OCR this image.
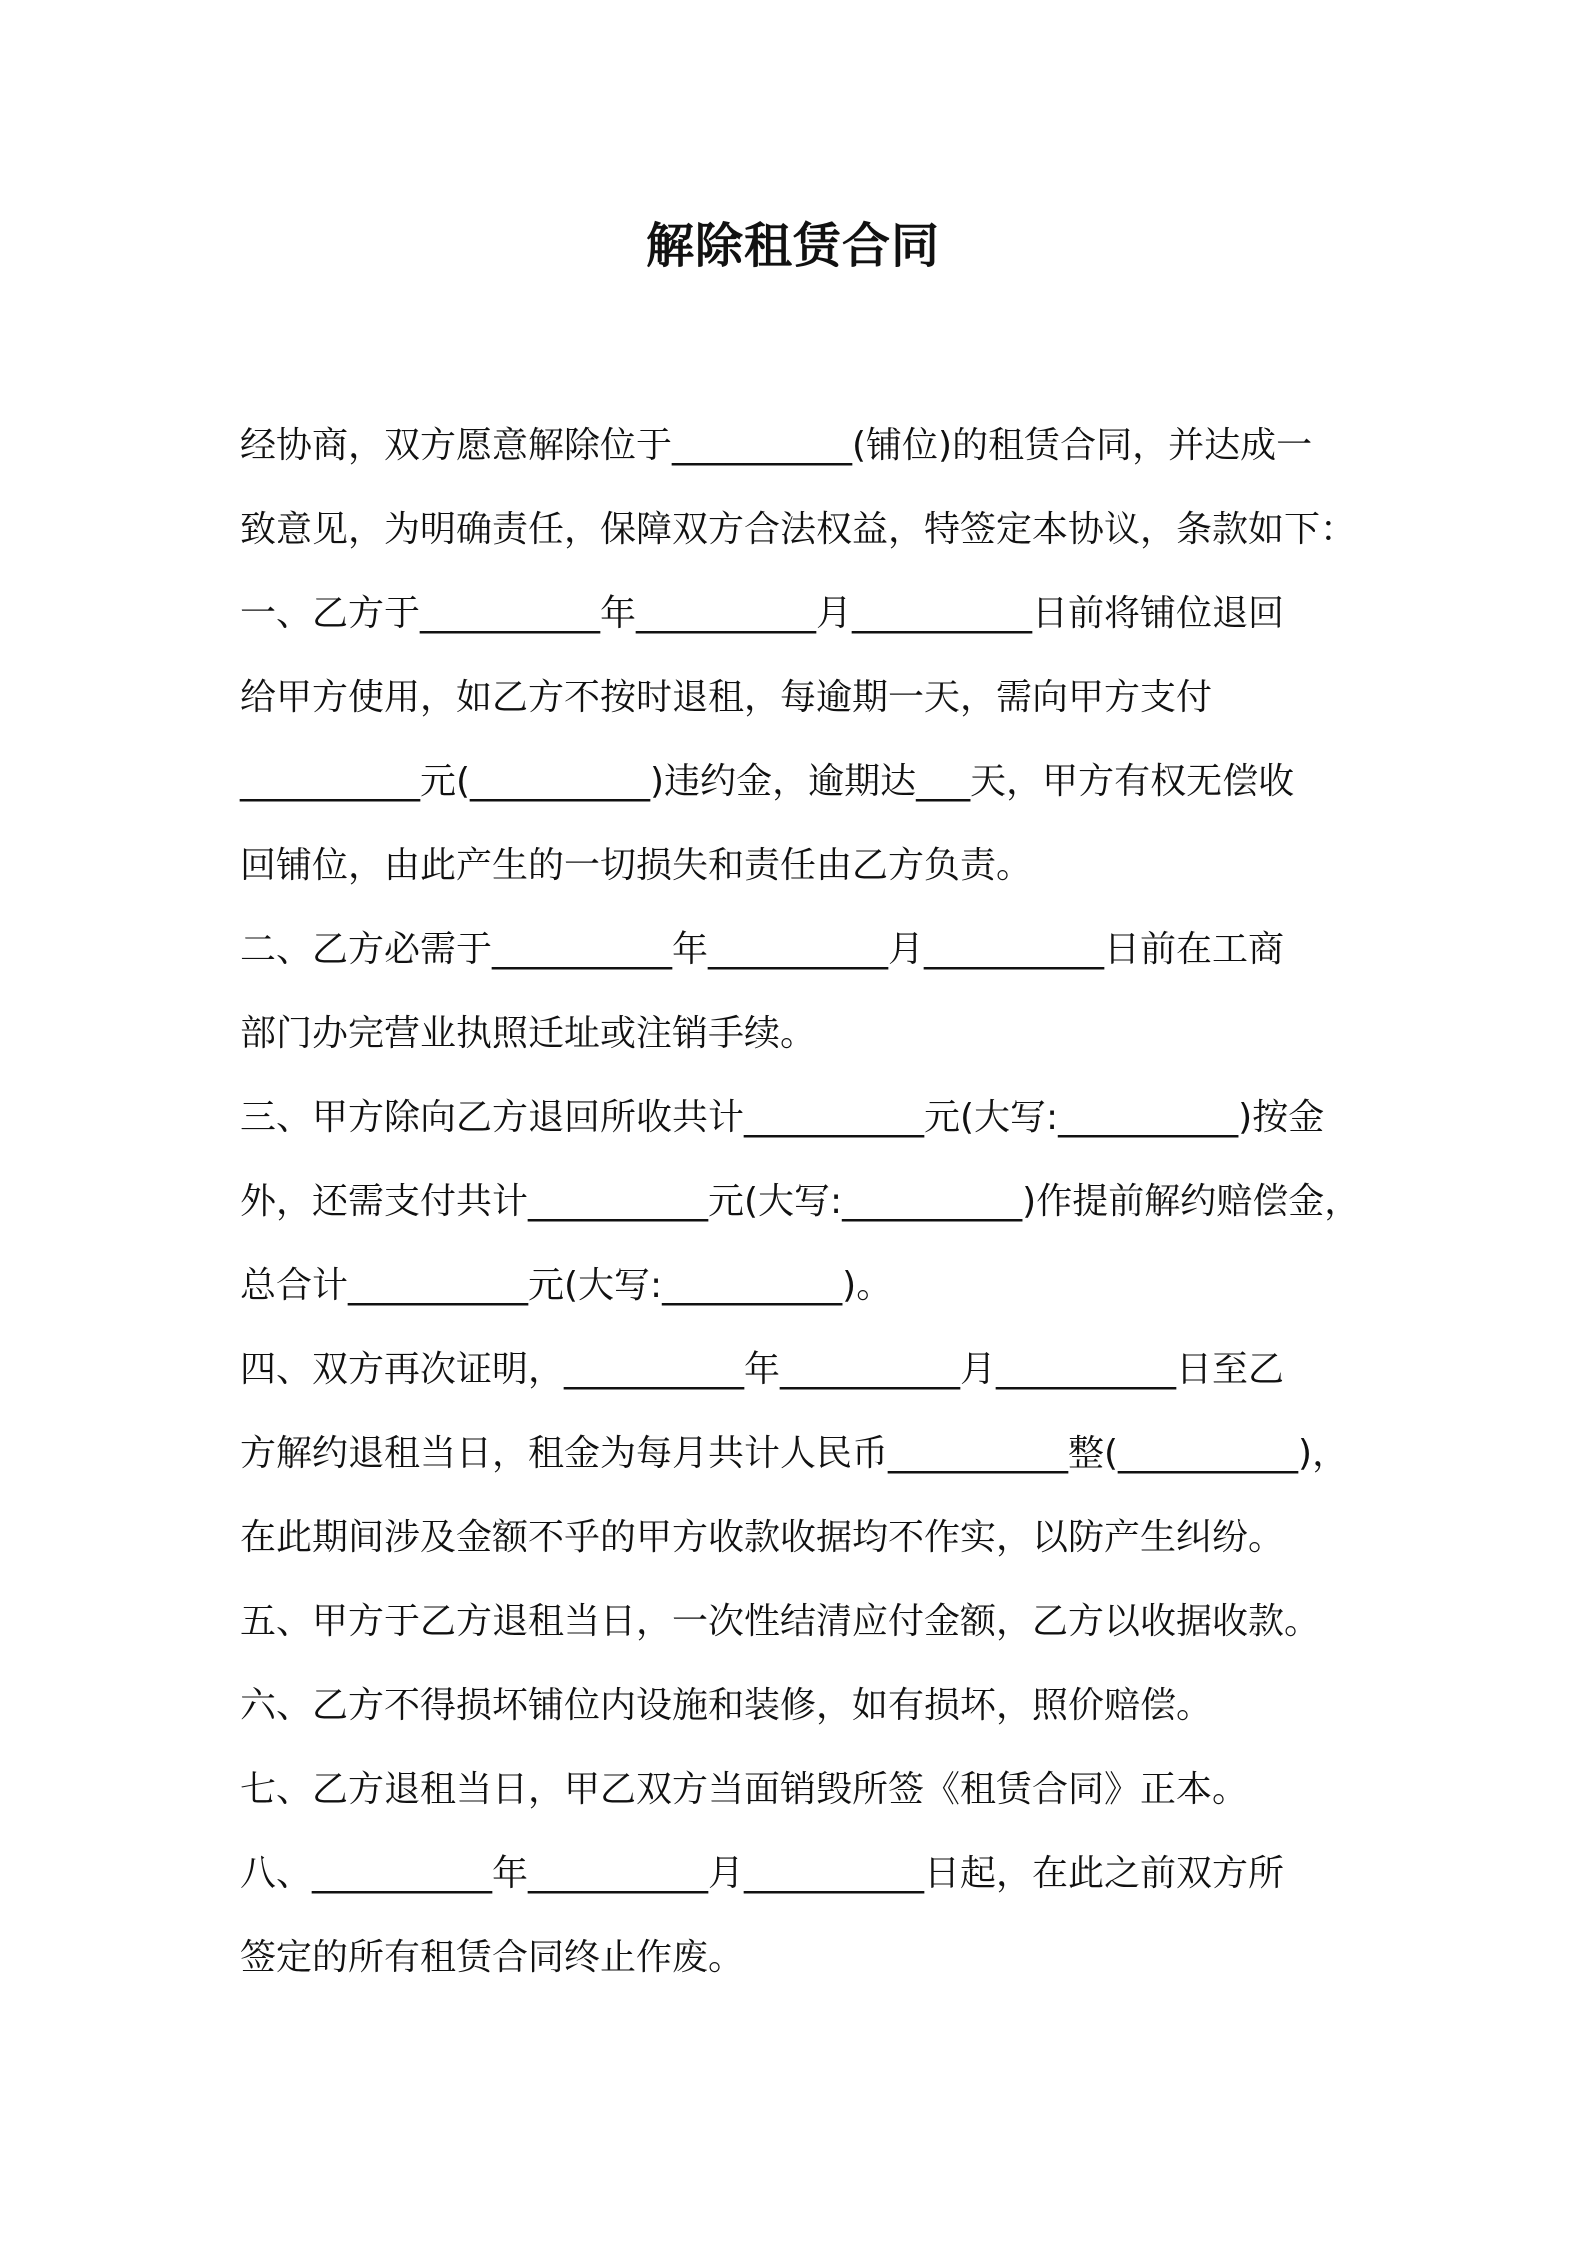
解除租赁合同

经协商，双方愿意解除位于__________(铺位)的租赁合同，并达成一

致意见，为明确责任，保障双方合法权益，特签定本协议，条款如下：

一、乙方于__________年__________月__________日前将铺位退回

给甲方使用，如乙方不按时退租，每逾期一天，需向甲方支付

__________元(__________)违约金，逾期达___天，甲方有权无偿收

回铺位，由此产生的一切损失和责任由乙方负责。

二、乙方必需于__________年__________月__________日前在工商

部门办完营业执照迁址或注销手续。

三、甲方除向乙方退回所收共计__________元(大写:__________)按金

外，还需支付共计__________元(大写:__________)作提前解约赔偿金，

总合计__________元(大写:__________)。

四、双方再次证明，__________年__________月__________日至乙

方解约退租当日，租金为每月共计人民币__________整(__________)，

在此期间涉及金额不乎的甲方收款收据均不作实，以防产生纠纷。

五、甲方于乙方退租当日，一次性结清应付金额，乙方以收据收款。

六、乙方不得损坏铺位内设施和装修，如有损坏，照价赔偿。

七、乙方退租当日，甲乙双方当面销毁所签《租赁合同》正本。

八、__________年__________月__________日起，在此之前双方所

签定的所有租赁合同终止作废。
